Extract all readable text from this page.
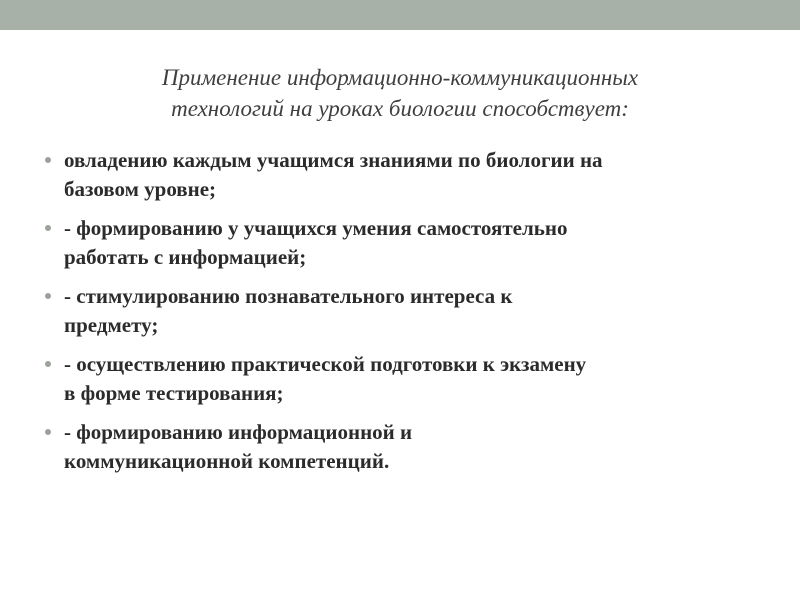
Применение информационно-коммуникационных
технологий на уроках биологии способствует:
овладению каждым учащимся знаниями по биологии на
базовом уровне;
- формированию у учащихся умения самостоятельно
работать с информацией;
- стимулированию познавательного интереса к
предмету;
- осуществлению практической подготовки к экзамену
в форме тестирования;
- формированию информационной и
коммуникационной компетенций.
